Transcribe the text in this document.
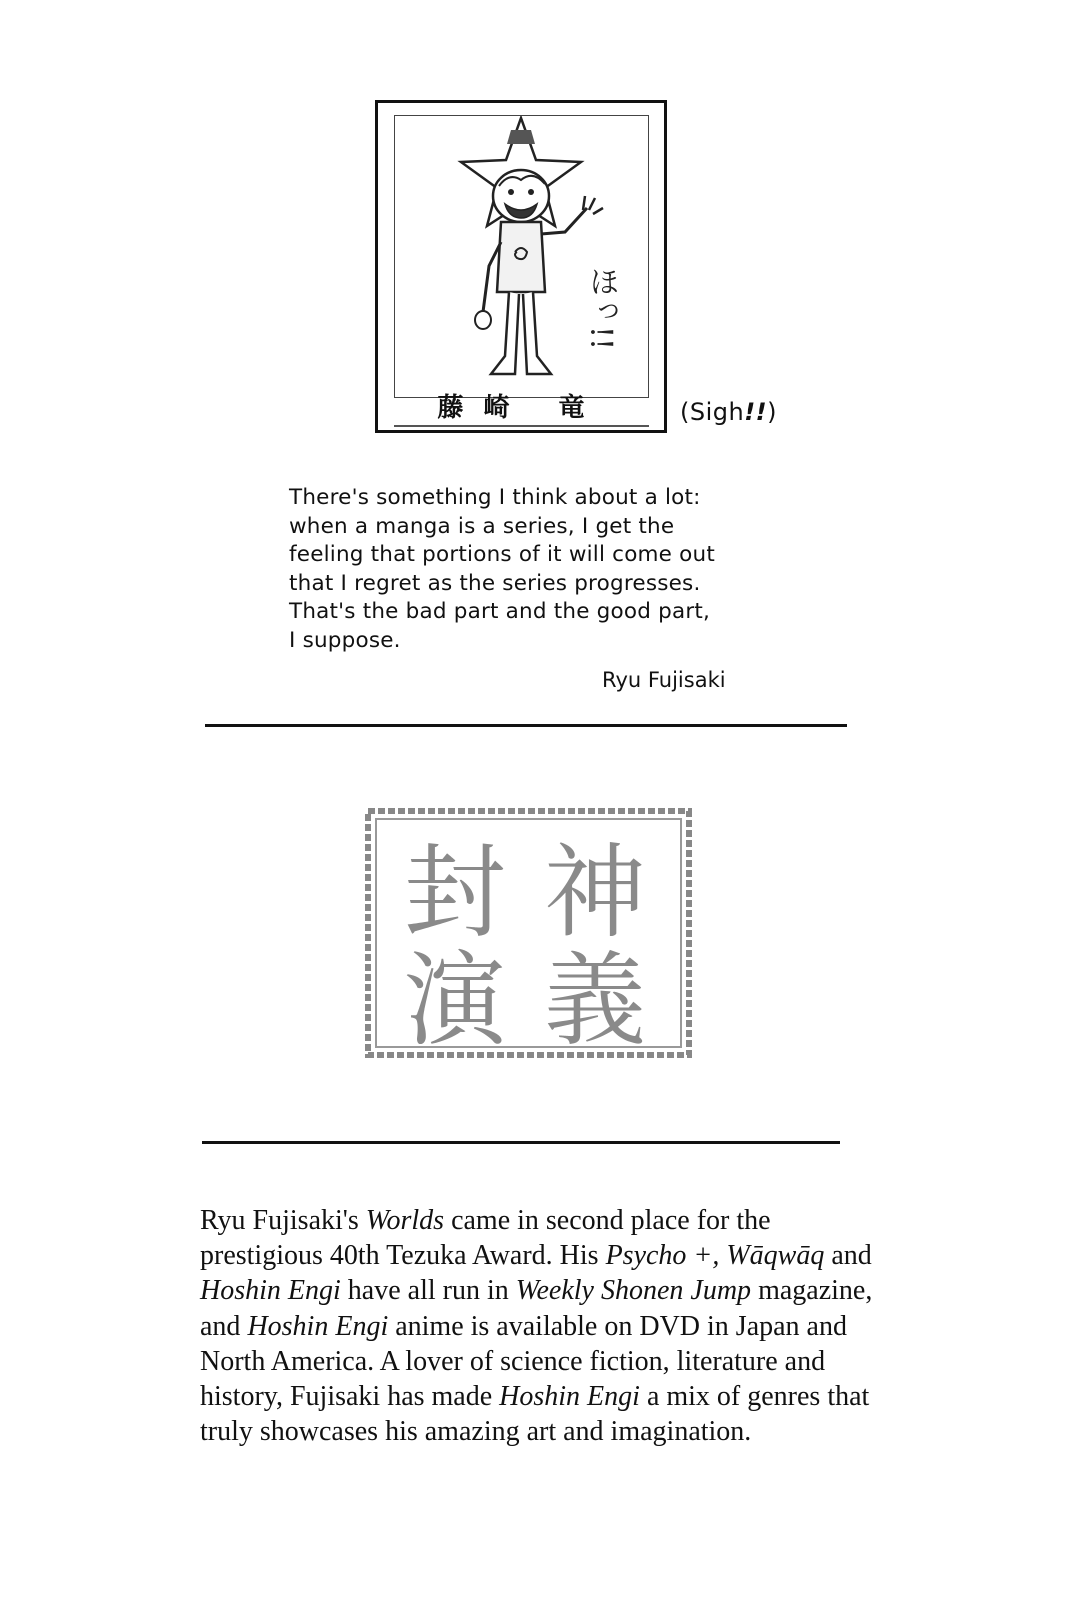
ほっ!!
藤崎 竜	(Sigh!!)
There's something I think about a lot:
when a manga is a series, I get the
feeling that portions of it will come out
that I regret as the series progresses.
That's the bad part and the good part,
I suppose.
Ryu Fujisaki
封 神
演 義
Ryu Fujisaki's Worlds came in second place for the
prestigious 40th Tezuka Award. His Psycho +, Wāqwāq and
Hoshin Engi have all run in Weekly Shonen Jump magazine,
and Hoshin Engi anime is available on DVD in Japan and
North America. A lover of science fiction, literature and
history, Fujisaki has made Hoshin Engi a mix of genres that
truly showcases his amazing art and imagination.
